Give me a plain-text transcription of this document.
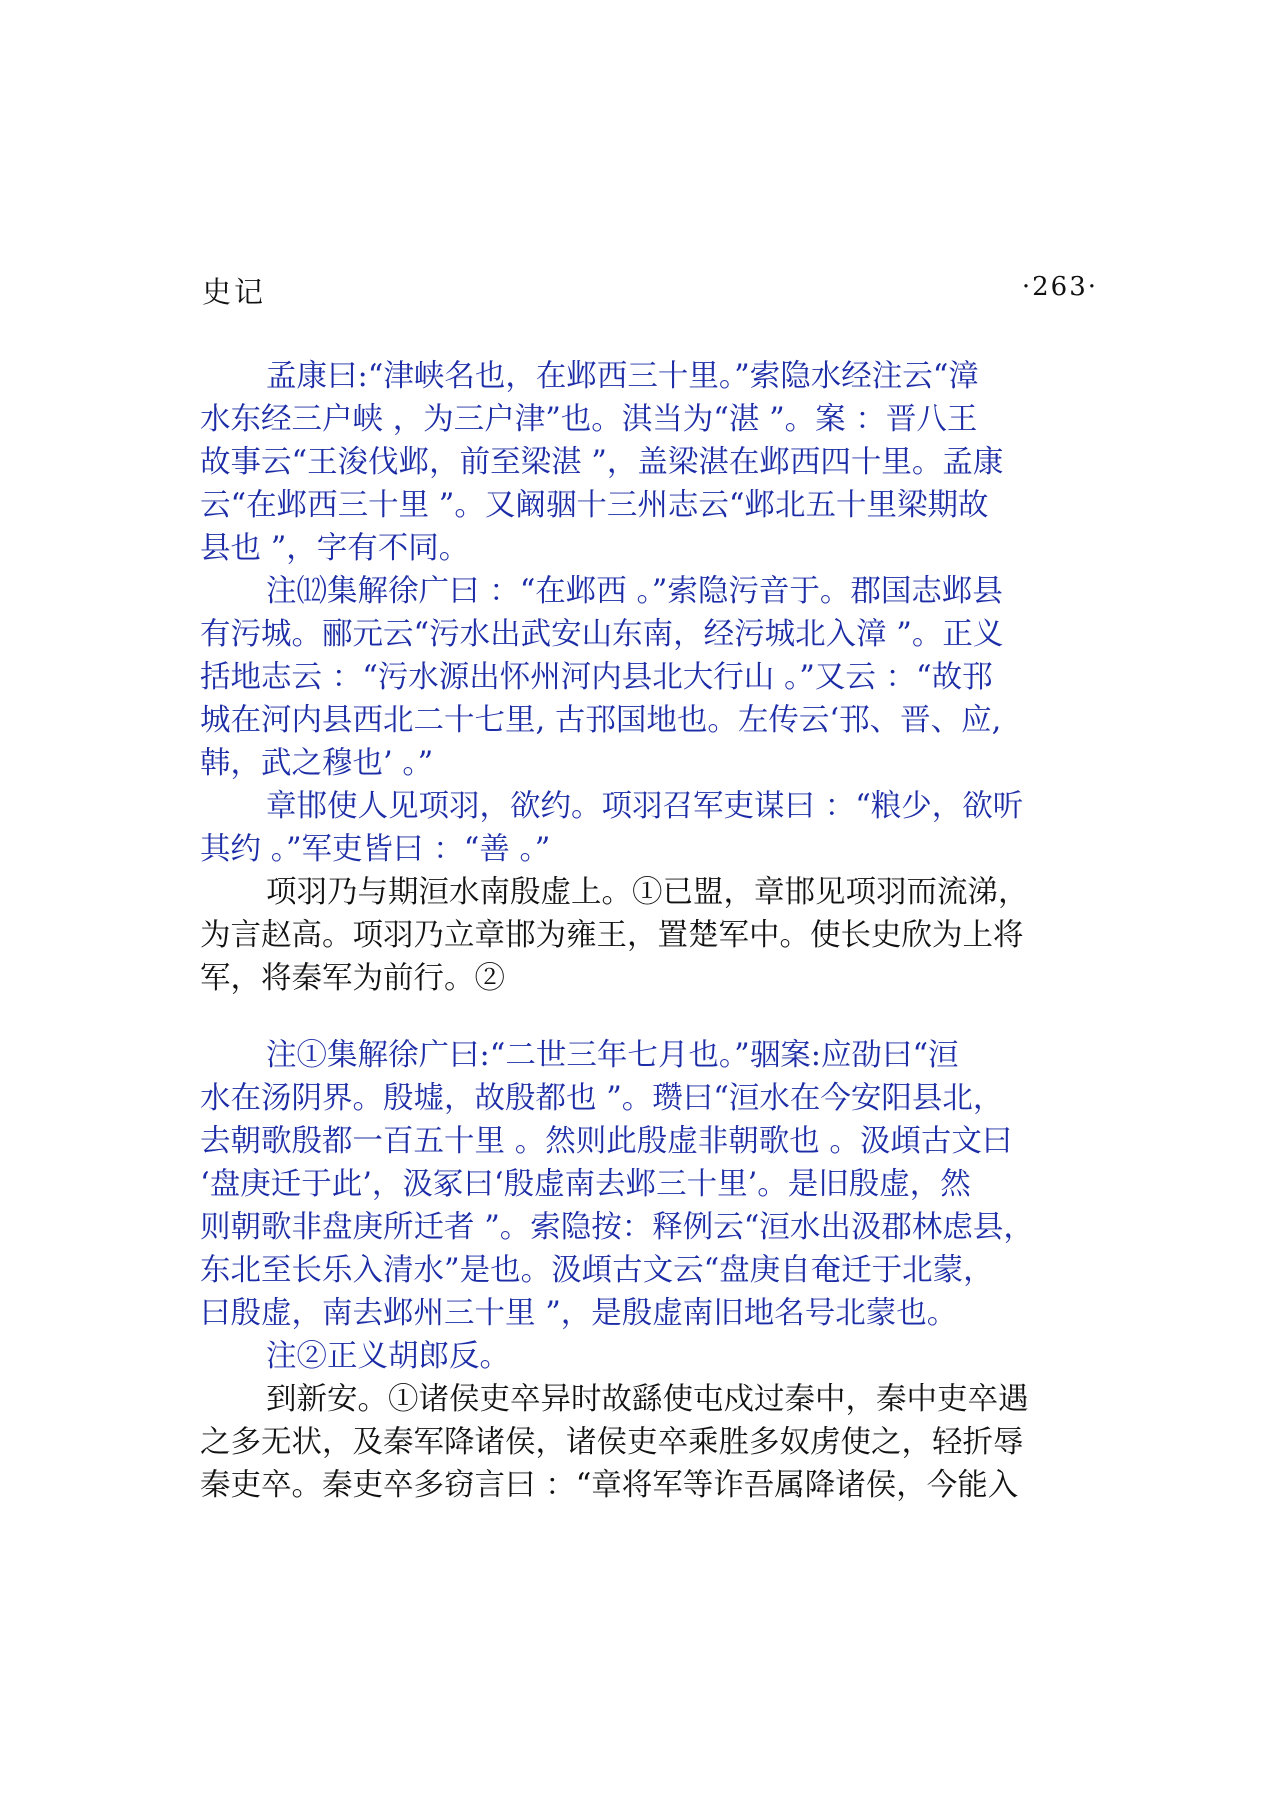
史记	·263·

孟康曰:“津峡名也，在邺西三十里。”索隐水经注云“漳

水东经三户峡 ，为三户津”也。淇当为“湛 ”。案 ：晋八王

故事云“王浚伐邺，前至梁湛 ”，盖梁湛在邺西四十里。孟康

云“在邺西三十里 ”。又阚骃十三州志云“邺北五十里梁期故

县也 ”，字有不同。

注⑿集解徐广曰 ：“在邺西 。”索隐污音于。郡国志邺县

有污城。郦元云“污水出武安山东南，经污城北入漳 ”。正义

括地志云 ：“污水源出怀州河内县北大行山 。”又云 ：“故邘

城在河内县西北二十七里, 古邘国地也。左传云‘邘、晋、应,

韩，武之穆也’ 。”

章邯使人见项羽，欲约。项羽召军吏谋曰 ：“粮少，欲听

其约 。”军吏皆曰 ：“善 。”

项羽乃与期洹水南殷虚上。①已盟，章邯见项羽而流涕，

为言赵高。项羽乃立章邯为雍王，置楚军中。使长史欣为上将

军，将秦军为前行。②

注①集解徐广曰:“二世三年七月也。”骃案:应劭曰“洹

水在汤阴界。殷墟，故殷都也 ”。瓒曰“洹水在今安阳县北，

去朝歌殷都一百五十里 。然则此殷虚非朝歌也 。汲頉古文曰

‘盘庚迁于此’，汲冢曰‘殷虚南去邺三十里’。是旧殷虚，然

则朝歌非盘庚所迁者 ”。索隐按：释例云“洹水出汲郡林虑县，

东北至长乐入清水”是也。汲頉古文云“盘庚自奄迁于北蒙，

曰殷虚，南去邺州三十里 ”，是殷虚南旧地名号北蒙也。

注②正义胡郎反。

到新安。①诸侯吏卒异时故繇使屯戍过秦中，秦中吏卒遇

之多无状，及秦军降诸侯，诸侯吏卒乘胜多奴虏使之，轻折辱

秦吏卒。秦吏卒多窃言曰 ：“章将军等诈吾属降诸侯，今能入
